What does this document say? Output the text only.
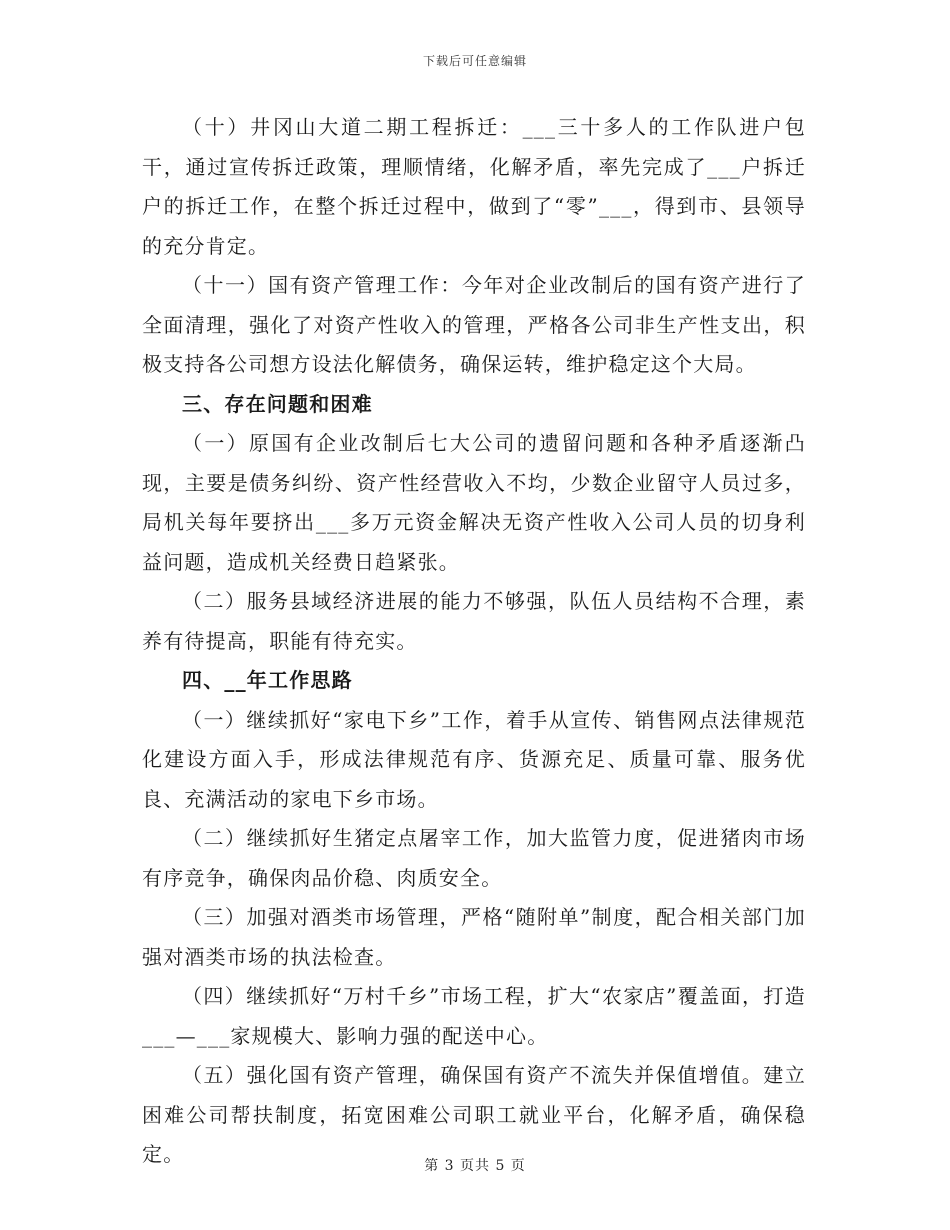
下载后可任意编辑

（十）井冈山大道二期工程拆迁：___三十多人的工作队进户包干，通过宣传拆迁政策，理顺情绪，化解矛盾，率先完成了___户拆迁户的拆迁工作，在整个拆迁过程中，做到了“零”___，得到市、县领导的充分肯定。

（十一）国有资产管理工作：今年对企业改制后的国有资产进行了全面清理，强化了对资产性收入的管理，严格各公司非生产性支出，积极支持各公司想方设法化解债务，确保运转，维护稳定这个大局。

三、存在问题和困难

（一）原国有企业改制后七大公司的遗留问题和各种矛盾逐渐凸现，主要是债务纠纷、资产性经营收入不均，少数企业留守人员过多，局机关每年要挤出___多万元资金解决无资产性收入公司人员的切身利益问题，造成机关经费日趋紧张。

（二）服务县域经济进展的能力不够强，队伍人员结构不合理，素养有待提高，职能有待充实。

四、__年工作思路

（一）继续抓好“家电下乡”工作，着手从宣传、销售网点法律规范化建设方面入手，形成法律规范有序、货源充足、质量可靠、服务优良、充满活动的家电下乡市场。

（二）继续抓好生猪定点屠宰工作，加大监管力度，促进猪肉市场有序竞争，确保肉品价稳、肉质安全。

（三）加强对酒类市场管理，严格“随附单”制度，配合相关部门加强对酒类市场的执法检查。

（四）继续抓好“万村千乡”市场工程，扩大“农家店”覆盖面，打造___—___家规模大、影响力强的配送中心。

（五）强化国有资产管理，确保国有资产不流失并保值增值。建立困难公司帮扶制度，拓宽困难公司职工就业平台，化解矛盾，确保稳定。	第 3 页共 5 页
